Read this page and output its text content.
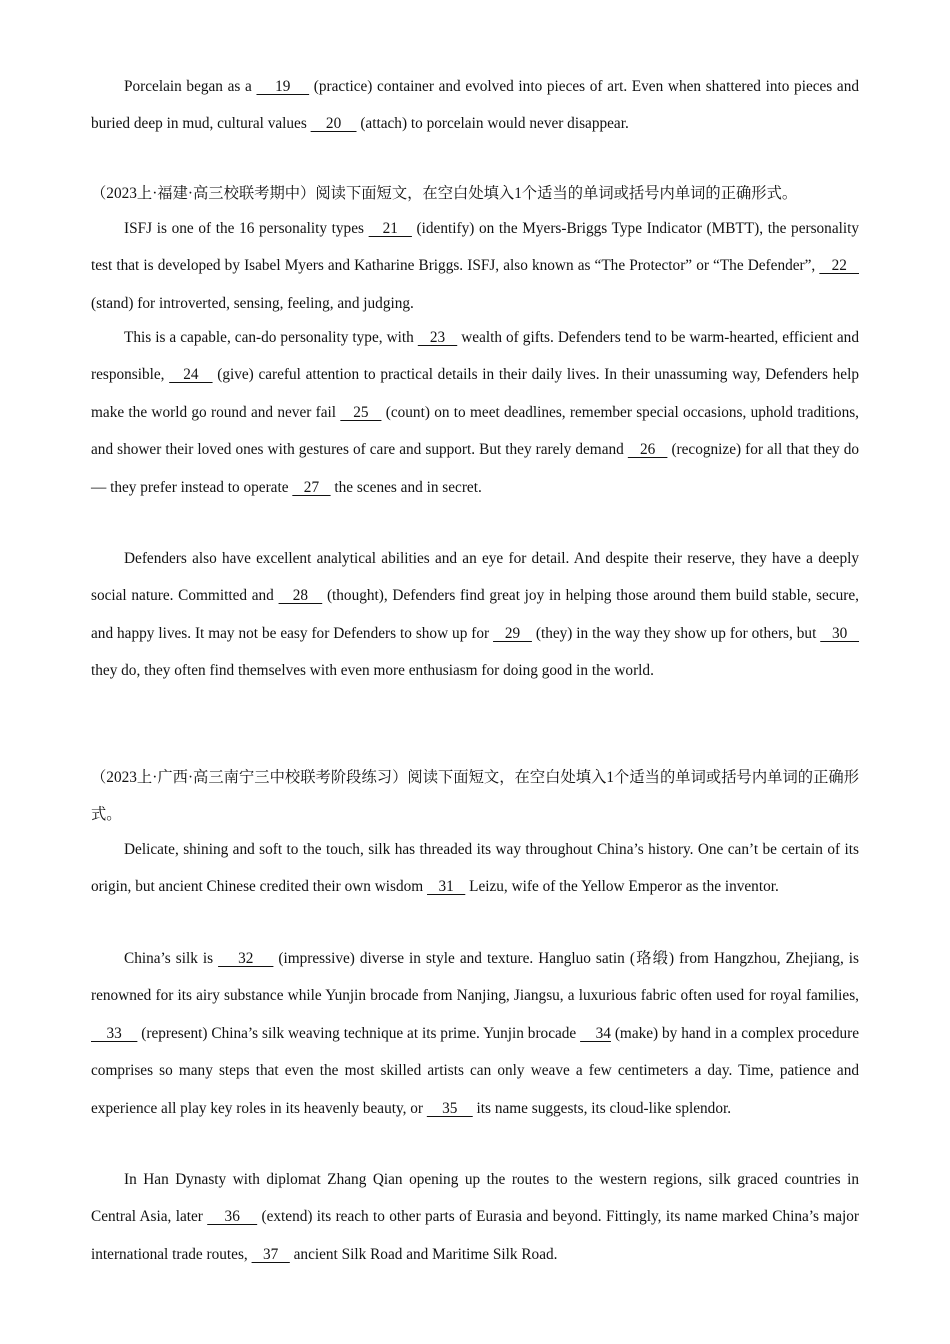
Porcelain began as a     19     (practice) container and evolved into pieces of art. Even when shattered into pieces and buried deep in mud, cultural values     20     (attach) to porcelain would never disappear.

（2023上·福建·高三校联考期中）阅读下面短文，在空白处填入1个适当的单词或括号内单词的正确形式。

ISFJ is one of the 16 personality types    21    (identify) on the Myers-Briggs Type Indicator (MBTT), the personality test that is developed by Isabel Myers and Katharine Briggs. ISFJ, also known as “The Protector” or “The Defender”,    22    (stand) for introverted, sensing, feeling, and judging.

This is a capable, can-do personality type, with    23    wealth of gifts. Defenders tend to be warm-hearted, efficient and responsible,    24    (give) careful attention to practical details in their daily lives. In their unassuming way, Defenders help make the world go round and never fail    25    (count) on to meet deadlines, remember special occasions, uphold traditions, and shower their loved ones with gestures of care and support. But they rarely demand    26    (recognize) for all that they do — they prefer instead to operate    27    the scenes and in secret.

Defenders also have excellent analytical abilities and an eye for detail. And despite their reserve, they have a deeply social nature. Committed and    28    (thought), Defenders find great joy in helping those around them build stable, secure, and happy lives. It may not be easy for Defenders to show up for    29    (they) in the way they show up for others, but    30    they do, they often find themselves with even more enthusiasm for doing good in the world.

（2023上·广西·高三南宁三中校联考阶段练习）阅读下面短文，在空白处填入1个适当的单词或括号内单词的正确形式。

Delicate, shining and soft to the touch, silk has threaded its way throughout China’s history. One can’t be certain of its origin, but ancient Chinese credited their own wisdom    31    Leizu, wife of the Yellow Emperor as the inventor.

China’s silk is     32     (impressive) diverse in style and texture. Hangluo satin (珞缎) from Hangzhou, Zhejiang, is renowned for its airy substance while Yunjin brocade from Nanjing, Jiangsu, a luxurious fabric often used for royal families,     33     (represent) China’s silk weaving technique at its prime. Yunjin brocade     34 (make) by hand in a complex procedure comprises so many steps that even the most skilled artists can only weave a few centimeters a day. Time, patience and experience all play key roles in its heavenly beauty, or     35     its name suggests, its cloud-like splendor.

In Han Dynasty with diplomat Zhang Qian opening up the routes to the western regions, silk graced countries in Central Asia, later     36     (extend) its reach to other parts of Eurasia and beyond. Fittingly, its name marked China’s major international trade routes,    37    ancient Silk Road and Maritime Silk Road.
